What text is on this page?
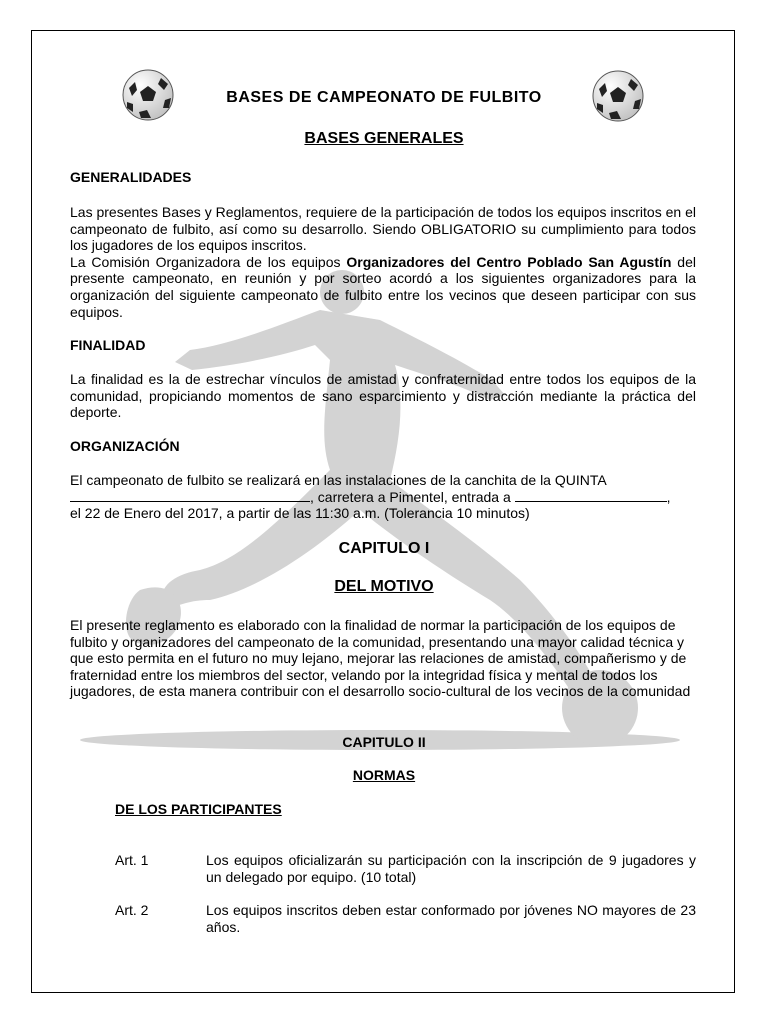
BASES DE CAMPEONATO DE FULBITO
BASES GENERALES
GENERALIDADES
Las presentes Bases y Reglamentos, requiere de la participación de todos los equipos inscritos en el campeonato de fulbito, así como su desarrollo. Siendo OBLIGATORIO su cumplimiento para todos los jugadores de los equipos inscritos.
La Comisión Organizadora de los equipos Organizadores del Centro Poblado San Agustín del presente campeonato, en reunión y por sorteo acordó a los siguientes organizadores para la organización del siguiente campeonato de fulbito entre los vecinos que deseen participar con sus equipos.
FINALIDAD
La finalidad es la de estrechar vínculos de amistad y confraternidad entre todos los equipos de la comunidad, propiciando momentos de sano esparcimiento y distracción mediante la práctica del deporte.
ORGANIZACIÓN
El campeonato de fulbito se realizará en las instalaciones de la canchita de la QUINTA
, carretera a Pimentel, entrada a	,
el 22 de Enero del 2017, a partir de las 11:30 a.m. (Tolerancia 10 minutos)
CAPITULO I
DEL MOTIVO
El presente reglamento es elaborado con la finalidad de normar la participación de los equipos de fulbito y organizadores del campeonato de la comunidad, presentando una mayor calidad técnica y que esto permita en el futuro no muy lejano, mejorar las relaciones de amistad, compañerismo y de fraternidad entre los miembros del sector, velando por la integridad física y mental de todos los jugadores, de esta manera contribuir con el desarrollo socio-cultural de los vecinos de la comunidad
CAPITULO II
NORMAS
DE LOS PARTICIPANTES
Art. 1	Los equipos oficializarán su participación con la inscripción de 9 jugadores y un delegado por equipo. (10 total)
Art. 2	Los equipos inscritos deben estar conformado por jóvenes NO mayores de 23 años.
